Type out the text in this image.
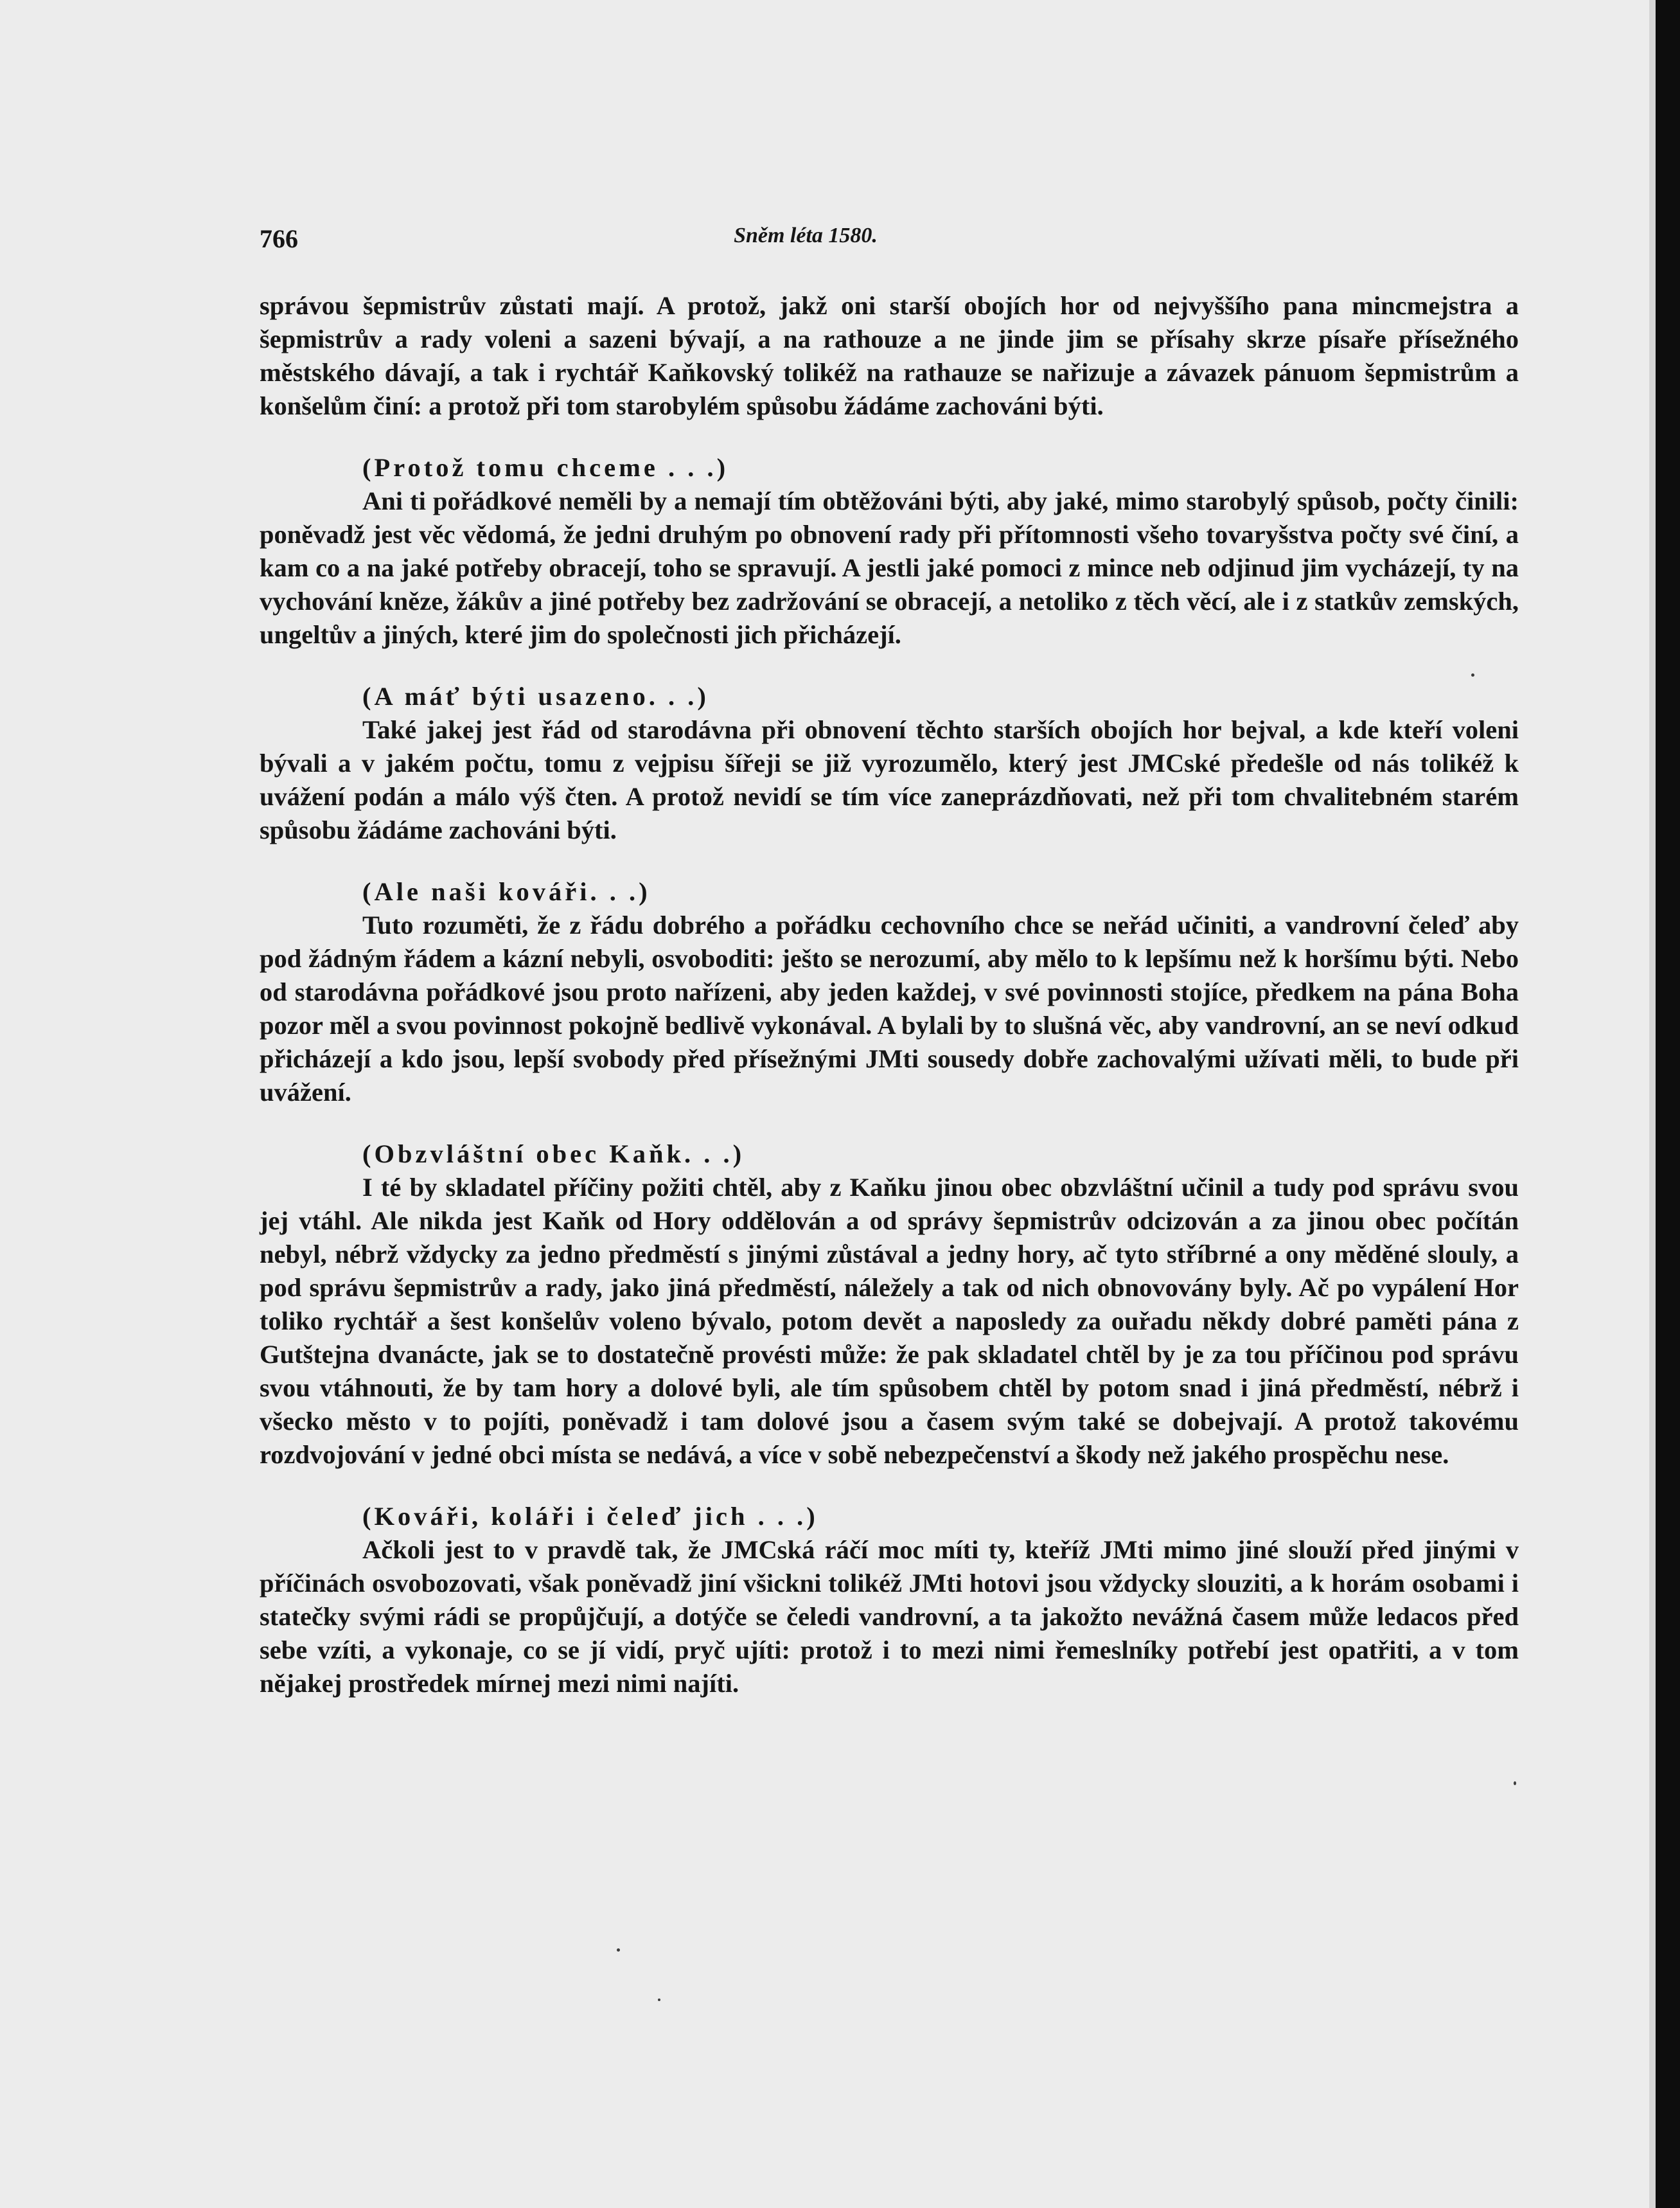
766	Sněm léta 1580.

správou šepmistrův zůstati mají. A protož, jakž oni starší obojích hor od nejvyššího pana mincmejstra a šepmistrův a rady voleni a sazeni bývají, a na rathouze a ne jinde jim se přísahy skrze písaře přísežného městského dávají, a tak i rychtář Kaňkovský tolikéž na rathauze se nařizuje a závazek pánuom šepmistrům a konšelům činí: a protož při tom starobylém spůsobu žádáme zachováni býti.

(Protož tomu chceme . . .)

Ani ti pořádkové neměli by a nemají tím obtěžováni býti, aby jaké, mimo starobylý spůsob, počty činili: poněvadž jest věc vědomá, že jedni druhým po obnovení rady při přítomnosti všeho tovaryšstva počty své činí, a kam co a na jaké potřeby obracejí, toho se spravují. A jestli jaké pomoci z mince neb odjinud jim vycházejí, ty na vychování kněze, žákův a jiné potřeby bez zadržování se obracejí, a netoliko z těch věcí, ale i z statkův zemských, ungeltův a jiných, které jim do společnosti jich přicházejí.

(A máť býti usazeno. . .)

Také jakej jest řád od starodávna při obnovení těchto starších obojích hor bejval, a kde kteří voleni bývali a v jakém počtu, tomu z vejpisu šířeji se již vyrozumělo, který jest JMCské předešle od nás tolikéž k uvážení podán a málo výš čten. A protož nevidí se tím více zaneprázdňovati, než při tom chvalitebném starém spůsobu žádáme zachováni býti.

(Ale naši kováři. . .)

Tuto rozuměti, že z řádu dobrého a pořádku cechovního chce se neřád učiniti, a vandrovní čeleď aby pod žádným řádem a kázní nebyli, osvoboditi: ješto se nerozumí, aby mělo to k lepšímu než k horšímu býti. Nebo od starodávna pořádkové jsou proto nařízeni, aby jeden každej, v své povinnosti stojíce, předkem na pána Boha pozor měl a svou povinnost pokojně bedlivě vykonával. A bylali by to slušná věc, aby vandrovní, an se neví odkud přicházejí a kdo jsou, lepší svobody před přísežnými JMti sousedy dobře zachovalými užívati měli, to bude při uvážení.

(Obzvláštní obec Kaňk. . .)

I té by skladatel příčiny požiti chtěl, aby z Kaňku jinou obec obzvláštní učinil a tudy pod správu svou jej vtáhl. Ale nikda jest Kaňk od Hory oddělován a od správy šepmistrův odcizován a za jinou obec počítán nebyl, nébrž vždycky za jedno předměstí s jinými zůstával a jedny hory, ač tyto stříbrné a ony měděné slouly, a pod správu šepmistrův a rady, jako jiná předměstí, náležely a tak od nich obnovovány byly. Ač po vypálení Hor toliko rychtář a šest konšelův voleno bývalo, potom devět a naposledy za ouřadu někdy dobré paměti pána z Gutštejna dvanácte, jak se to dostatečně provésti může: že pak skladatel chtěl by je za tou příčinou pod správu svou vtáhnouti, že by tam hory a dolové byli, ale tím spůsobem chtěl by potom snad i jiná předměstí, nébrž i všecko město v to pojíti, poněvadž i tam dolové jsou a časem svým také se dobejvají. A protož takovému rozdvojování v jedné obci místa se nedává, a více v sobě nebezpečenství a škody než jakého prospěchu nese.

(Kováři, koláři i čeleď jich . . .)

Ačkoli jest to v pravdě tak, že JMCská ráčí moc míti ty, kteříž JMti mimo jiné slouží před jinými v příčinách osvobozovati, však poněvadž jiní všickni tolikéž JMti hotovi jsou vždycky slouziti, a k horám osobami i statečky svými rádi se propůjčují, a dotýče se čeledi vandrovní, a ta jakožto nevážná časem může ledacos před sebe vzíti, a vykonaje, co se jí vidí, pryč ujíti: protož i to mezi nimi řemeslníky potřebí jest opatřiti, a v tom nějakej prostředek mírnej mezi nimi najíti.
